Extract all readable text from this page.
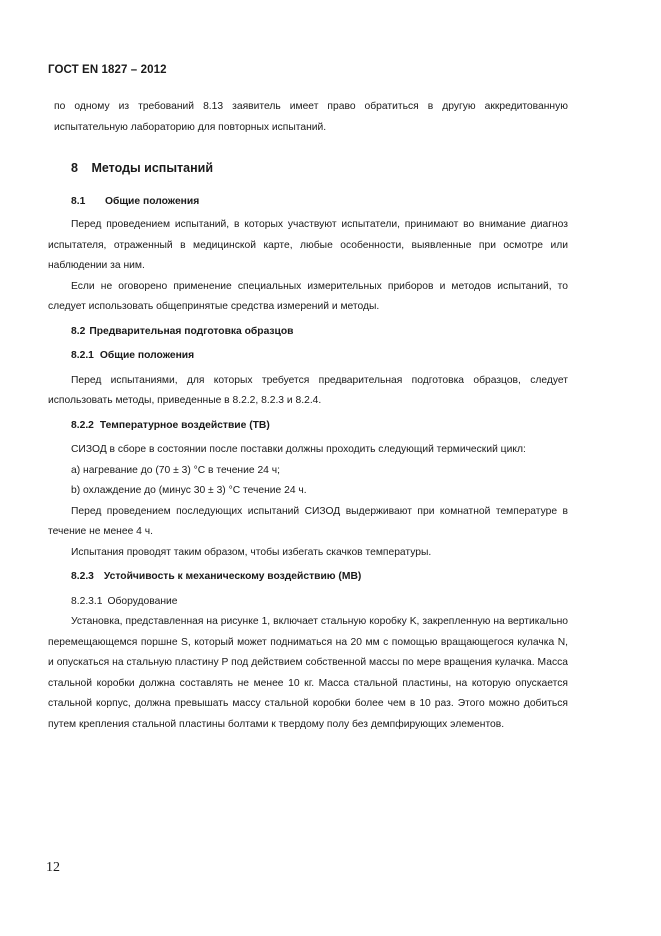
ГОСТ EN 1827 – 2012

по одному из требований 8.13 заявитель имеет право обратиться в другую аккредитованную испытательную лабораторию для повторных испытаний.

8 Методы испытаний
8.1 Общие положения

Перед проведением испытаний, в которых участвуют испытатели, принимают во внимание диагноз испытателя, отраженный в медицинской карте, любые особенности, выявленные при осмотре или наблюдении за ним.

Если не оговорено применение специальных измерительных приборов и методов испытаний, то следует использовать общепринятые средства измерений и методы.

8.2 Предварительная подготовка образцов
8.2.1 Общие положения

Перед испытаниями, для которых требуется предварительная подготовка образцов, следует использовать методы, приведенные в 8.2.2, 8.2.3 и 8.2.4.

8.2.2 Температурное воздействие (ТВ)

СИЗОД в сборе в состоянии после поставки должны проходить следующий термический цикл:

а) нагревание до (70 ± 3) °С в течение 24 ч;

b) охлаждение до (минус 30 ± 3) °С течение 24 ч.

Перед проведением последующих испытаний СИЗОД выдерживают при комнатной температуре в течение не менее 4 ч.

Испытания проводят таким образом, чтобы избегать скачков температуры.

8.2.3 Устойчивость к механическому воздействию (МВ)

8.2.3.1 Оборудование

Установка, представленная на рисунке 1, включает стальную коробку K, закрепленную на вертикально перемещающемся поршне S, который может подниматься на 20 мм с помощью вращающегося кулачка N, и опускаться на стальную пластину P под действием собственной массы по мере вращения кулачка. Масса стальной коробки должна составлять не менее 10 кг. Масса стальной пластины, на которую опускается стальной корпус, должна превышать массу стальной коробки более чем в 10 раз. Этого можно добиться путем крепления стальной пластины болтами к твердому полу без демпфирующих элементов.

12
